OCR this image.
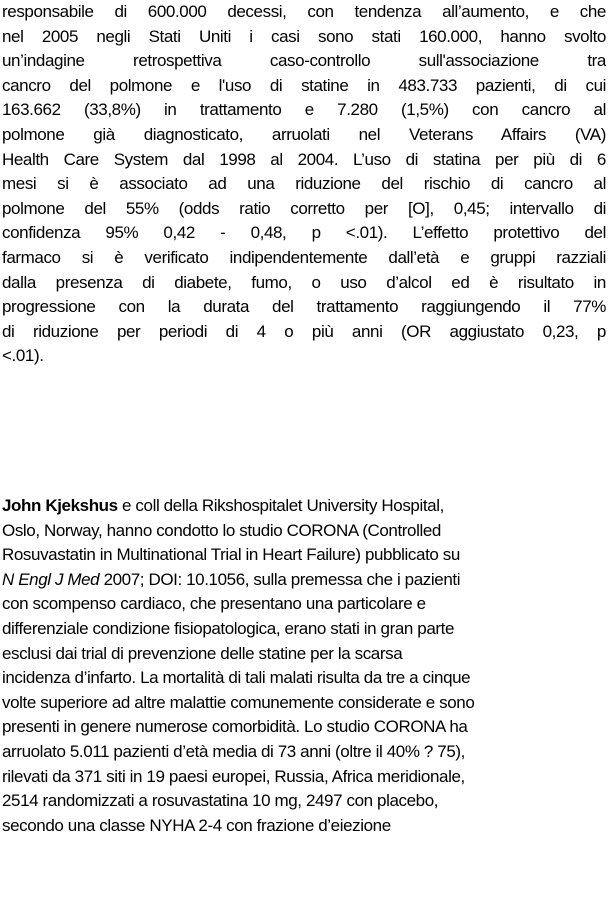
responsabile di 600.000 decessi, con tendenza all’aumento, e che
nel 2005 negli Stati Uniti i casi sono stati 160.000, hanno svolto
un’indagine retrospettiva caso-controllo sull'associazione tra
cancro del polmone e l'uso di statine in 483.733 pazienti, di cui
163.662 (33,8%) in trattamento e 7.280 (1,5%) con cancro al
polmone già diagnosticato, arruolati nel Veterans Affairs (VA)
Health Care System dal 1998 al 2004. L’uso di statina per più di 6
mesi si è associato ad una riduzione del rischio di cancro al
polmone del 55% (odds ratio corretto per [O], 0,45; intervallo di
confidenza 95% 0,42 - 0,48, p <.01). L’effetto protettivo del
farmaco si è verificato indipendentemente dall’età e gruppi razziali
dalla presenza di diabete, fumo, o uso d’alcol ed è risultato in
progressione con la durata del trattamento raggiungendo il 77%
di riduzione per periodi di 4 o più anni (OR aggiustato 0,23, p
<.01).
John Kjekshus e coll della Rikshospitalet University Hospital,
Oslo, Norway, hanno condotto lo studio CORONA (Controlled
Rosuvastatin in Multinational Trial in Heart Failure) pubblicato su
N Engl J Med 2007; DOI: 10.1056, sulla premessa che i pazienti
con scompenso cardiaco, che presentano una particolare e
differenziale condizione fisiopatologica, erano stati in gran parte
esclusi dai trial di prevenzione delle statine per la scarsa
incidenza d’infarto. La mortalità di tali malati risulta da tre a cinque
volte superiore ad altre malattie comunemente considerate e sono
presenti in genere numerose comorbidità. Lo studio CORONA ha
arruolato 5.011 pazienti d’età media di 73 anni (oltre il 40% ? 75),
rilevati da 371 siti in 19 paesi europei, Russia, Africa meridionale,
2514 randomizzati a rosuvastatina 10 mg, 2497 con placebo,
secondo una classe NYHA 2-4 con frazione d’eiezione
